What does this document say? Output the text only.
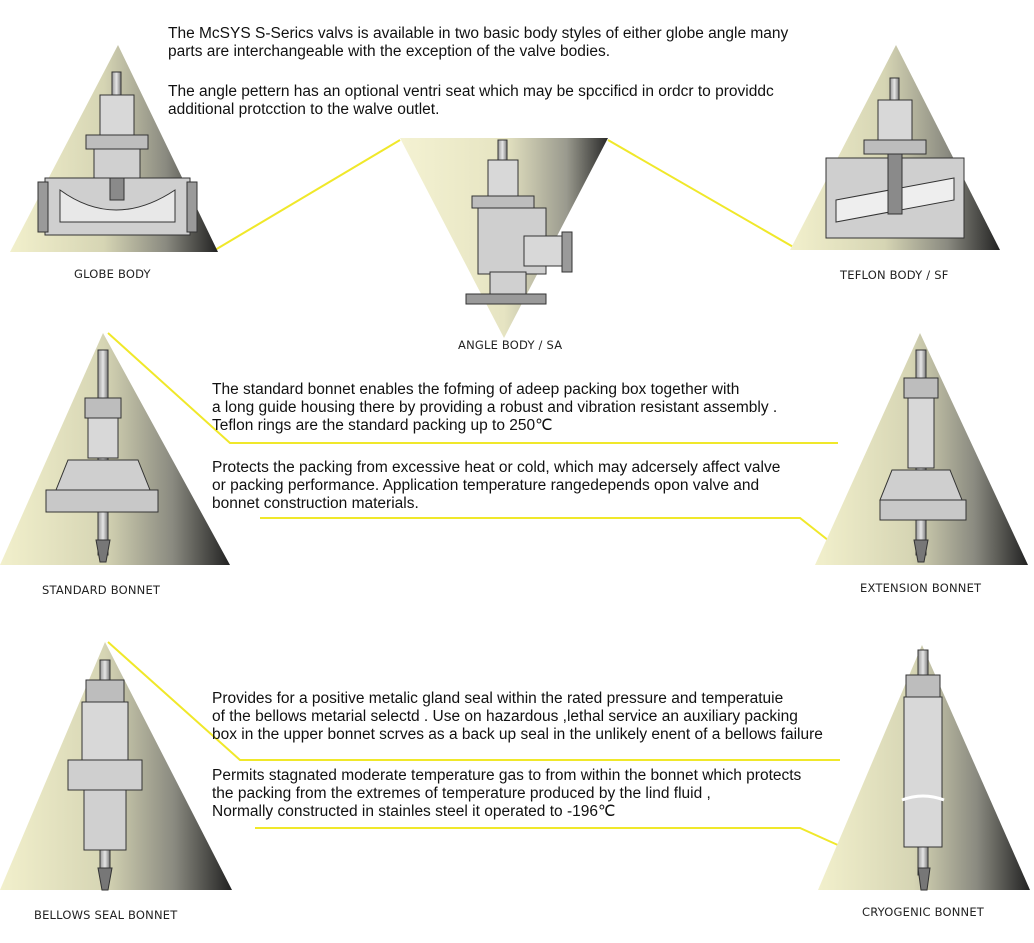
The McSYS S-Serics valvs is available in two basic body styles of either globe angle many
parts are interchangeable with the exception of the valve bodies.

The angle pettern has an optional ventri seat which may be spccificd in ordcr to providdc
additional protcction to the walve outlet.

The standard bonnet enables the fofming of adeep packing box together with
a long guide housing there by providing a robust and vibration resistant assembly .
Teflon rings are the standard packing up to 250℃

Protects the packing from excessive heat or cold, which may adcersely affect valve
or packing performance. Application temperature rangedepends opon valve and
bonnet construction materials.

Provides for a positive metalic gland seal within the rated pressure and temperatuie
of the bellows metarial selectd . Use on hazardous ,lethal service an auxiliary packing
box in the upper bonnet scrves as a back up seal in the unlikely enent of a bellows failure

Permits stagnated moderate temperature gas to from within the bonnet which protects
the packing from the extremes of temperature produced by the lind fluid ,
Normally constructed in stainles steel it operated to -196℃

GLOBE BODY
ANGLE BODY / SA
TEFLON BODY / SF
STANDARD BONNET	EXTENSION BONNET
BELLOWS SEAL BONNET	CRYOGENIC BONNET
